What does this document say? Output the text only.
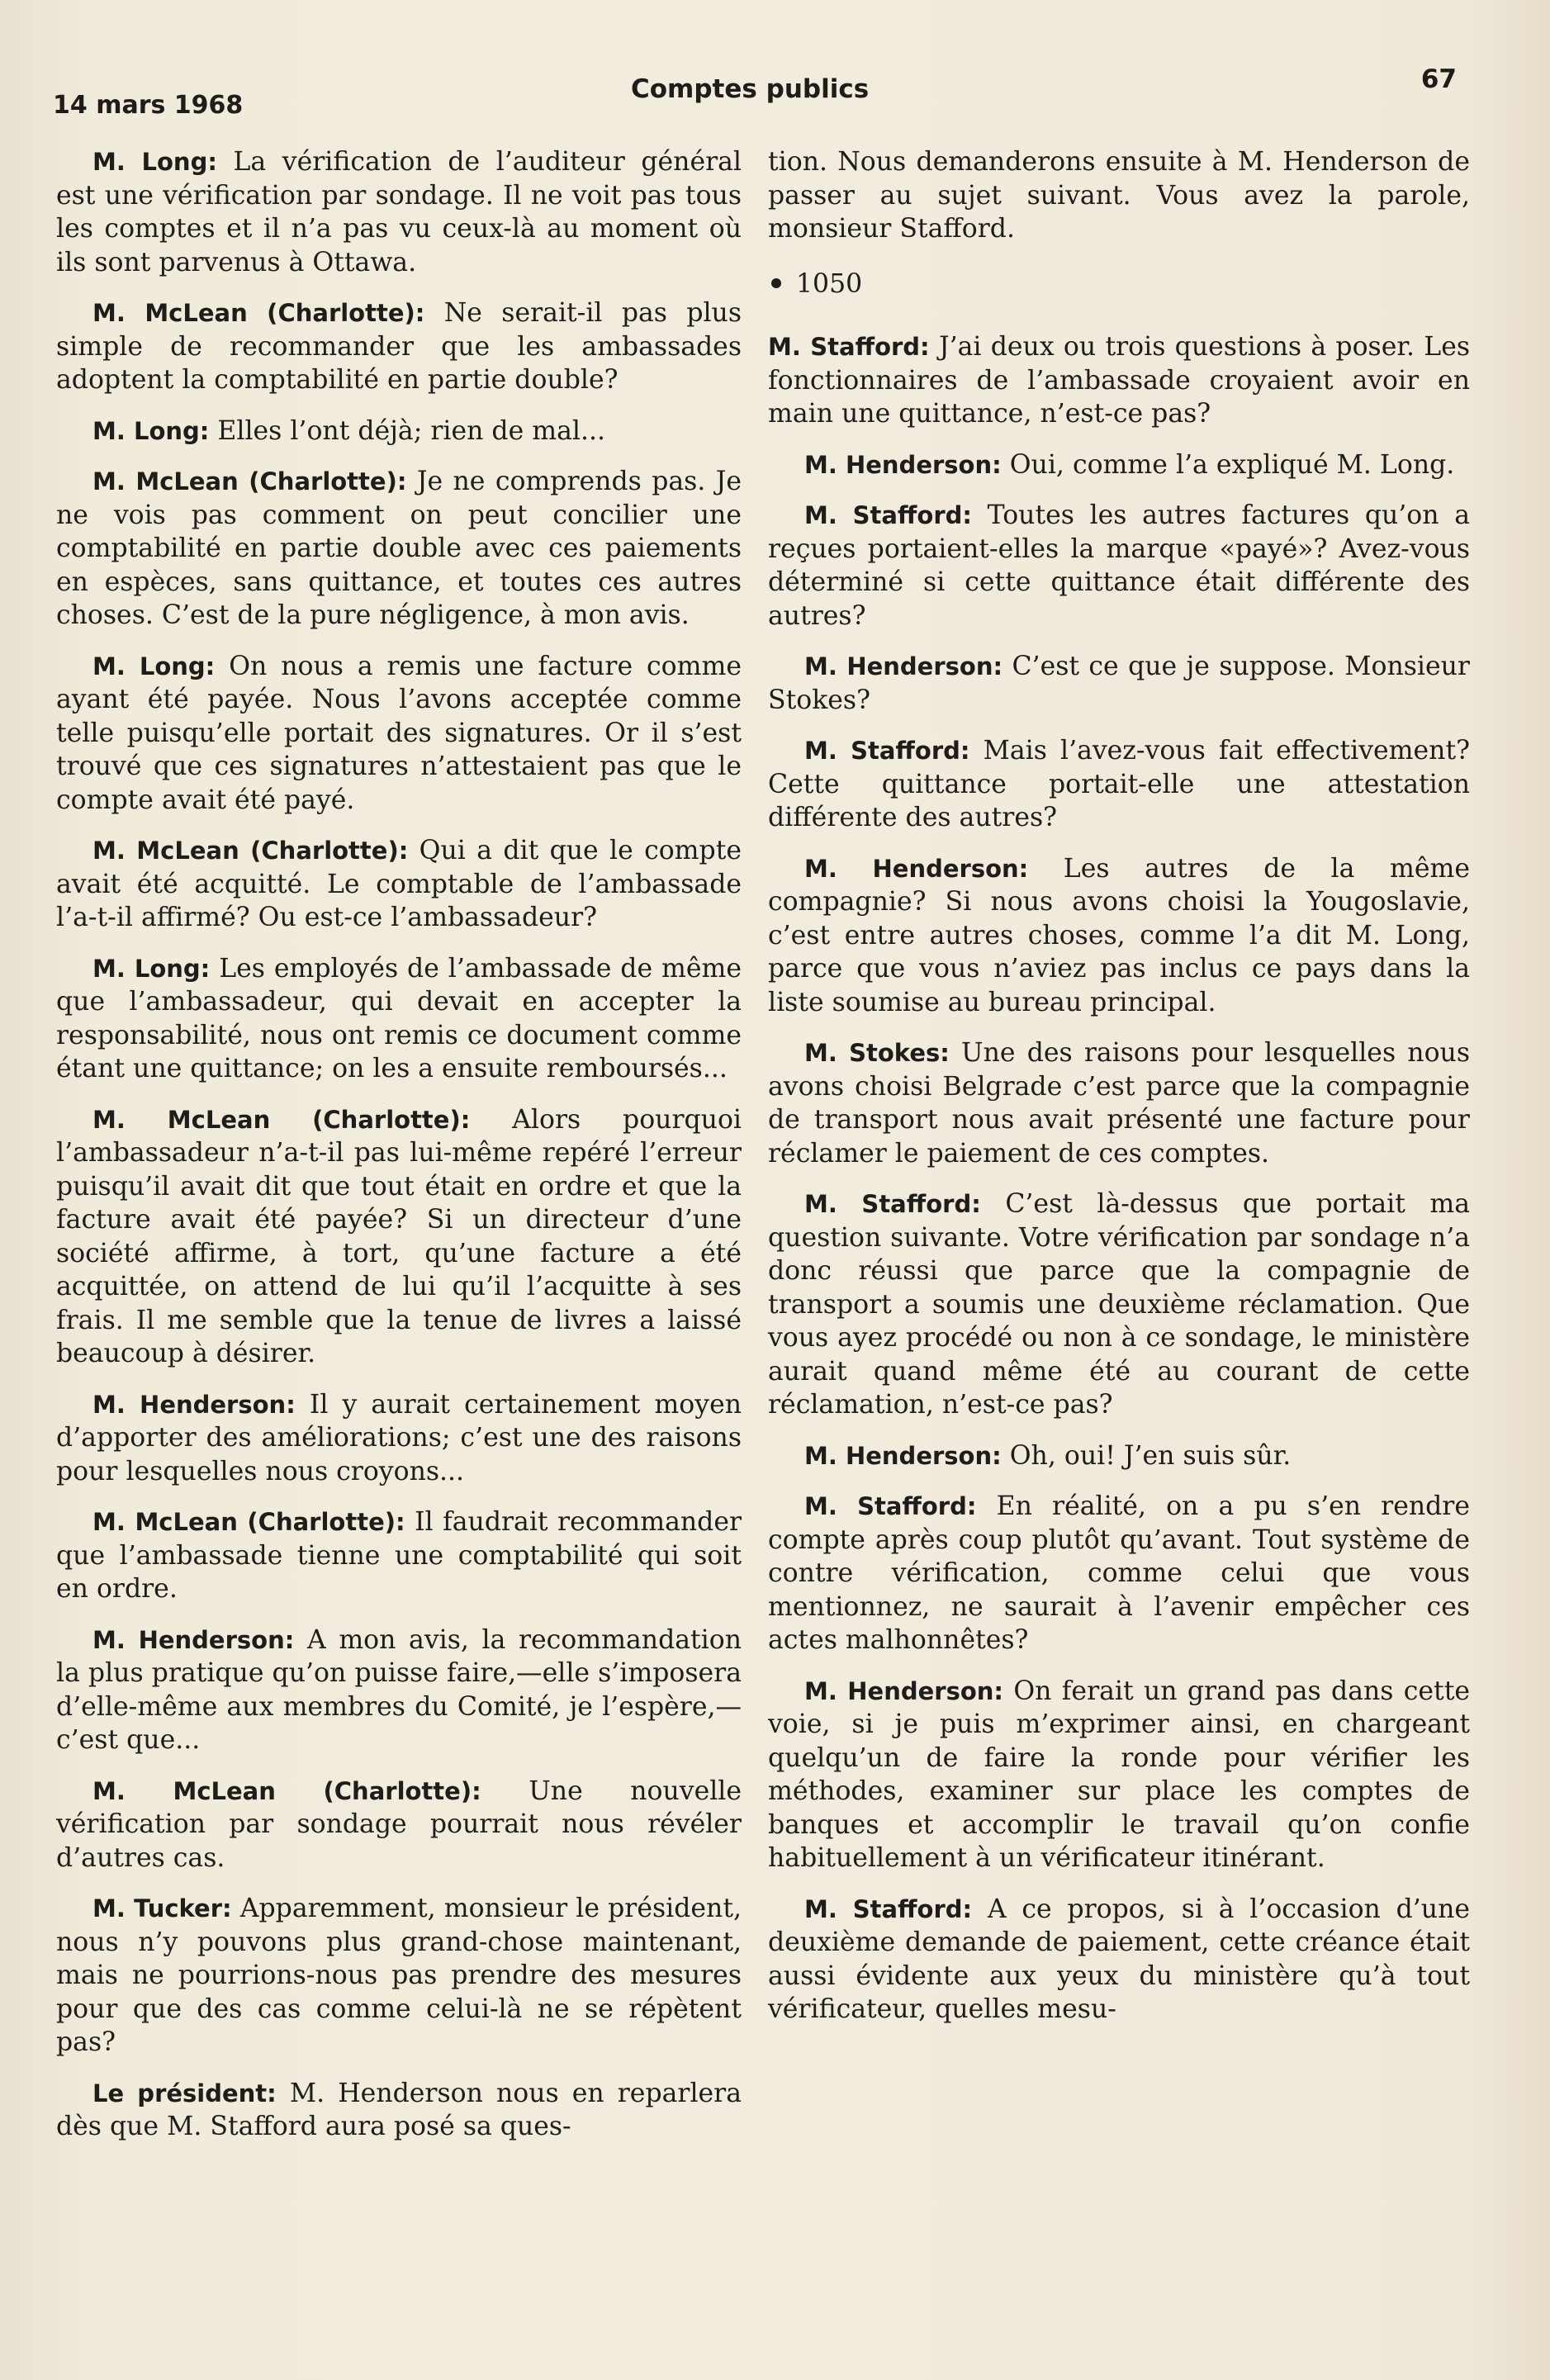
14 mars 1968
Comptes publics	67

M. Long: La vérification de l’auditeur général est une vérification par sondage. Il ne voit pas tous les comptes et il n’a pas vu ceux-là au moment où ils sont parvenus à Ottawa.

M. McLean (Charlotte): Ne serait-il pas plus simple de recommander que les ambassades adoptent la comptabilité en partie double?

M. Long: Elles l’ont déjà; rien de mal...

M. McLean (Charlotte): Je ne comprends pas. Je ne vois pas comment on peut concilier une comptabilité en partie double avec ces paiements en espèces, sans quittance, et toutes ces autres choses. C’est de la pure négligence, à mon avis.

M. Long: On nous a remis une facture comme ayant été payée. Nous l’avons acceptée comme telle puisqu’elle portait des signatures. Or il s’est trouvé que ces signatures n’attestaient pas que le compte avait été payé.

M. McLean (Charlotte): Qui a dit que le compte avait été acquitté. Le comptable de l’ambassade l’a-t-il affirmé? Ou est-ce l’ambassadeur?

M. Long: Les employés de l’ambassade de même que l’ambassadeur, qui devait en accepter la responsabilité, nous ont remis ce document comme étant une quittance; on les a ensuite remboursés...

M. McLean (Charlotte): Alors pourquoi l’ambassadeur n’a-t-il pas lui-même repéré l’erreur puisqu’il avait dit que tout était en ordre et que la facture avait été payée? Si un directeur d’une société affirme, à tort, qu’une facture a été acquittée, on attend de lui qu’il l’acquitte à ses frais. Il me semble que la tenue de livres a laissé beaucoup à désirer.

M. Henderson: Il y aurait certainement moyen d’apporter des améliorations; c’est une des raisons pour lesquelles nous croyons...

M. McLean (Charlotte): Il faudrait recommander que l’ambassade tienne une comptabilité qui soit en ordre.

M. Henderson: A mon avis, la recommandation la plus pratique qu’on puisse faire,—elle s’imposera d’elle-même aux membres du Comité, je l’espère,—c’est que...

M. McLean (Charlotte): Une nouvelle vérification par sondage pourrait nous révéler d’autres cas.

M. Tucker: Apparemment, monsieur le président, nous n’y pouvons plus grand-chose maintenant, mais ne pourrions-nous pas prendre des mesures pour que des cas comme celui-là ne se répètent pas?

Le président: M. Henderson nous en reparlera dès que M. Stafford aura posé sa ques-

tion. Nous demanderons ensuite à M. Henderson de passer au sujet suivant. Vous avez la parole, monsieur Stafford.

1050

M. Stafford: J’ai deux ou trois questions à poser. Les fonctionnaires de l’ambassade croyaient avoir en main une quittance, n’est-ce pas?

M. Henderson: Oui, comme l’a expliqué M. Long.

M. Stafford: Toutes les autres factures qu’on a reçues portaient-elles la marque «payé»? Avez-vous déterminé si cette quittance était différente des autres?

M. Henderson: C’est ce que je suppose. Monsieur Stokes?

M. Stafford: Mais l’avez-vous fait effectivement? Cette quittance portait-elle une attestation différente des autres?

M. Henderson: Les autres de la même compagnie? Si nous avons choisi la Yougoslavie, c’est entre autres choses, comme l’a dit M. Long, parce que vous n’aviez pas inclus ce pays dans la liste soumise au bureau principal.

M. Stokes: Une des raisons pour lesquelles nous avons choisi Belgrade c’est parce que la compagnie de transport nous avait présenté une facture pour réclamer le paiement de ces comptes.

M. Stafford: C’est là-dessus que portait ma question suivante. Votre vérification par sondage n’a donc réussi que parce que la compagnie de transport a soumis une deuxième réclamation. Que vous ayez procédé ou non à ce sondage, le ministère aurait quand même été au courant de cette réclamation, n’est-ce pas?

M. Henderson: Oh, oui! J’en suis sûr.

M. Stafford: En réalité, on a pu s’en rendre compte après coup plutôt qu’avant. Tout système de contre vérification, comme celui que vous mentionnez, ne saurait à l’avenir empêcher ces actes malhonnêtes?

M. Henderson: On ferait un grand pas dans cette voie, si je puis m’exprimer ainsi, en chargeant quelqu’un de faire la ronde pour vérifier les méthodes, examiner sur place les comptes de banques et accomplir le travail qu’on confie habituellement à un vérificateur itinérant.

M. Stafford: A ce propos, si à l’occasion d’une deuxième demande de paiement, cette créance était aussi évidente aux yeux du ministère qu’à tout vérificateur, quelles mesu-
